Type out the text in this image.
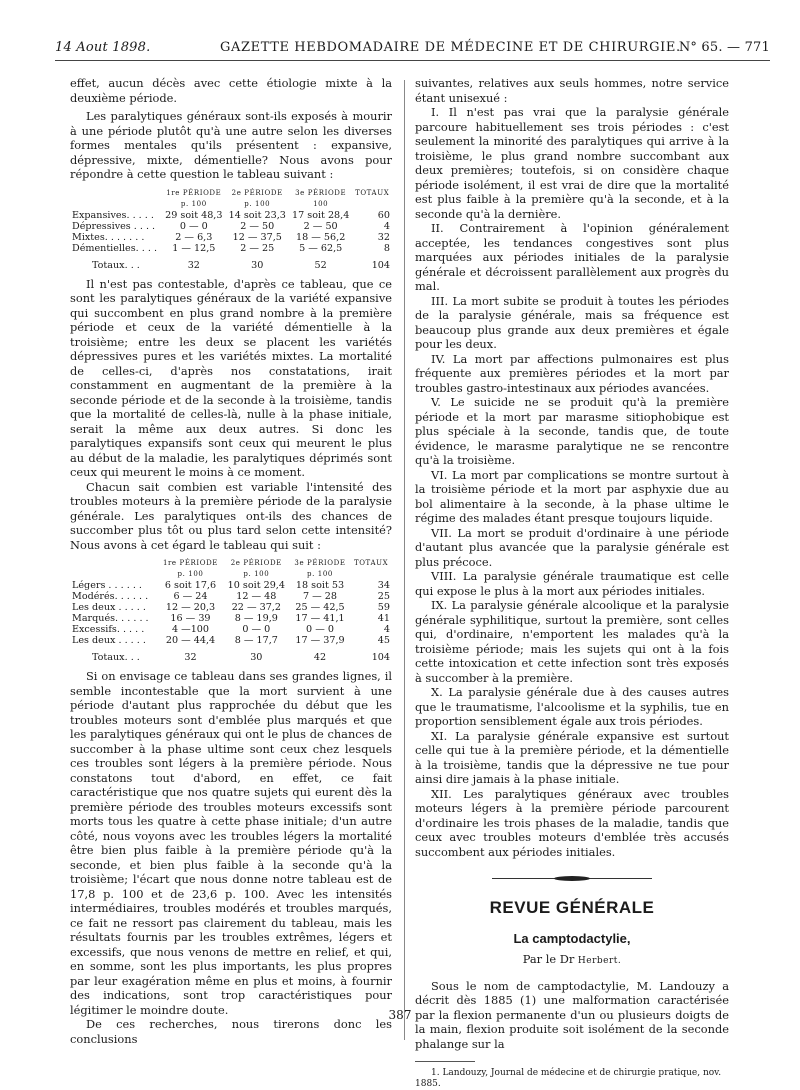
14 Aout 1898.	GAZETTE HEBDOMADAIRE DE MÉDECINE ET DE CHIRURGIE.
N° 65. — 771

effet, aucun décès avec cette étiologie mixte à la deuxième période.

Les paralytiques généraux sont-ils exposés à mourir à une période plutôt qu'à une autre selon les diverses formes mentales qu'ils présentent : expansive, dépressive, mixte, démentielle? Nous avons pour répondre à cette question le tableau suivant :

	1re PÉRIODE	2e PÉRIODE	3e PÉRIODE	TOTAUX
	p. 100	p. 100	100	
Expansives. . . . .	29 soit 48,3	14 soit 23,3	17 soit 28,4	60
Dépressives . . . .	0 — 0	2 — 50	2 — 50	4
Mixtes. . . . . . .	2 — 6,3	12 — 37,5	18 — 56,2	32
Démentielles. . . .	1 — 12,5	2 — 25	5 — 62,5	8
Totaux. . .	32	30	52	104

Il n'est pas contestable, d'après ce tableau, que ce sont les paralytiques généraux de la variété expansive qui succombent en plus grand nombre à la première période et ceux de la variété démentielle à la troisième; entre les deux se placent les variétés dépressives pures et les variétés mixtes. La mortalité de celles-ci, d'après nos constatations, irait constamment en augmentant de la première à la seconde période et de la seconde à la troisième, tandis que la mortalité de celles-là, nulle à la phase initiale, serait la même aux deux autres. Si donc les paralytiques expansifs sont ceux qui meurent le plus au début de la maladie, les paralytiques déprimés sont ceux qui meurent le moins à ce moment.

Chacun sait combien est variable l'intensité des troubles moteurs à la première période de la paralysie générale. Les paralytiques ont-ils des chances de succomber plus tôt ou plus tard selon cette intensité? Nous avons à cet égard le tableau qui suit :

	1re PÉRIODE	2e PÉRIODE	3e PÉRIODE	TOTAUX
	p. 100	p. 100	p. 100	
Légers . . . . . .	6 soit 17,6	10 soit 29,4	18 soit 53	34
Modérés. . . . . .	6 — 24	12 — 48	7 — 28	25
Les deux . . . . .	12 — 20,3	22 — 37,2	25 — 42,5	59
Marqués. . . . . .	16 — 39	8 — 19,9	17 — 41,1	41
Excessifs. . . . .	4 —100	0 — 0	0 — 0	4
Les deux . . . . .	20 — 44,4	8 — 17,7	17 — 37,9	45
Totaux. . .	32	30	42	104

Si on envisage ce tableau dans ses grandes lignes, il semble incontestable que la mort survient à une période d'autant plus rapprochée du début que les troubles moteurs sont d'emblée plus marqués et que les paralytiques généraux qui ont le plus de chances de succomber à la phase ultime sont ceux chez lesquels ces troubles sont légers à la première période. Nous constatons tout d'abord, en effet, ce fait caractéristique que nos quatre sujets qui eurent dès la première période des troubles moteurs excessifs sont morts tous les quatre à cette phase initiale; d'un autre côté, nous voyons avec les troubles légers la mortalité être bien plus faible à la première période qu'à la seconde, et bien plus faible à la seconde qu'à la troisième; l'écart que nous donne notre tableau est de 17,8 p. 100 et de 23,6 p. 100. Avec les intensités intermédiaires, troubles modérés et troubles marqués, ce fait ne ressort pas clairement du tableau, mais les résultats fournis par les troubles extrêmes, légers et excessifs, que nous venons de mettre en relief, et qui, en somme, sont les plus importants, les plus propres par leur exagération même en plus et moins, à fournir des indications, sont trop caractéristiques pour légitimer le moindre doute.

De ces recherches, nous tirerons donc les conclusions

suivantes, relatives aux seuls hommes, notre service étant unisexué :

I. Il n'est pas vrai que la paralysie générale parcoure habituellement ses trois périodes : c'est seulement la minorité des paralytiques qui arrive à la troisième, le plus grand nombre succombant aux deux premières; toutefois, si on considère chaque période isolément, il est vrai de dire que la mortalité est plus faible à la première qu'à la seconde, et à la seconde qu'à la dernière.

II. Contrairement à l'opinion généralement acceptée, les tendances congestives sont plus marquées aux périodes initiales de la paralysie générale et décroissent parallèlement aux progrès du mal.

III. La mort subite se produit à toutes les périodes de la paralysie générale, mais sa fréquence est beaucoup plus grande aux deux premières et égale pour les deux.

IV. La mort par affections pulmonaires est plus fréquente aux premières périodes et la mort par troubles gastro-intestinaux aux périodes avancées.

V. Le suicide ne se produit qu'à la première période et la mort par marasme sitiophobique est plus spéciale à la seconde, tandis que, de toute évidence, le marasme paralytique ne se rencontre qu'à la troisième.

VI. La mort par complications se montre surtout à la troisième période et la mort par asphyxie due au bol alimentaire à la seconde, à la phase ultime le régime des malades étant presque toujours liquide.

VII. La mort se produit d'ordinaire à une période d'autant plus avancée que la paralysie générale est plus précoce.

VIII. La paralysie générale traumatique est celle qui expose le plus à la mort aux périodes initiales.

IX. La paralysie générale alcoolique et la paralysie générale syphilitique, surtout la première, sont celles qui, d'ordinaire, n'emportent les malades qu'à la troisième période; mais les sujets qui ont à la fois cette intoxication et cette infection sont très exposés à succomber à la première.

X. La paralysie générale due à des causes autres que le traumatisme, l'alcoolisme et la syphilis, tue en proportion sensiblement égale aux trois périodes.

XI. La paralysie générale expansive est surtout celle qui tue à la première période, et la démentielle à la troisième, tandis que la dépressive ne tue pour ainsi dire jamais à la phase initiale.

XII. Les paralytiques généraux avec troubles moteurs légers à la première période parcourent d'ordinaire les trois phases de la maladie, tandis que ceux avec troubles moteurs d'emblée très accusés succombent aux périodes initiales.

REVUE GÉNÉRALE
La camptodactylie,
Par le Dr Herbert.

Sous le nom de camptodactylie, M. Landouzy a décrit dès 1885 (1) une malformation caractérisée par la flexion permanente d'un ou plusieurs doigts de la main, flexion produite soit isolément de la seconde phalange sur la

1. Landouzy, Journal de médecine et de chirurgie pratique, nov. 1885.

387
